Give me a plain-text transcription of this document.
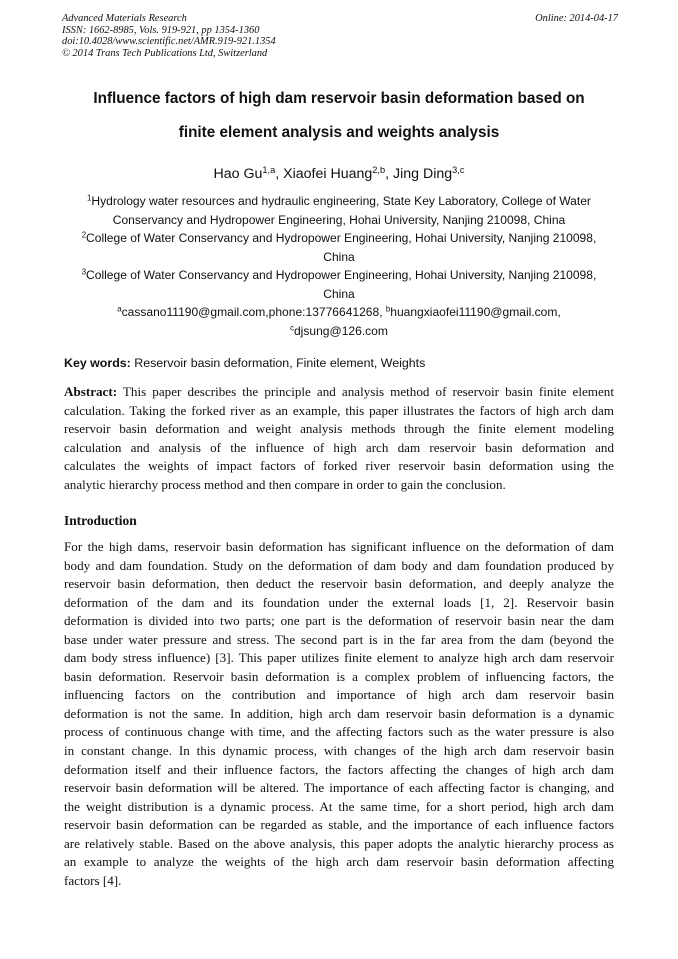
Advanced Materials Research
ISSN: 1662-8985, Vols. 919-921, pp 1354-1360
doi:10.4028/www.scientific.net/AMR.919-921.1354
© 2014 Trans Tech Publications Ltd, Switzerland
Online: 2014-04-17
Influence factors of high dam reservoir basin deformation based on
finite element analysis and weights analysis
Hao Gu$^{1,a}$, Xiaofei Huang$^{2,b}$, Jing Ding$^{3,c}$
$^1$Hydrology water resources and hydraulic engineering, State Key Laboratory, College of Water
Conservancy and Hydropower Engineering, Hohai University, Nanjing 210098, China
$^2$College of Water Conservancy and Hydropower Engineering, Hohai University, Nanjing 210098,
China
$^3$College of Water Conservancy and Hydropower Engineering, Hohai University, Nanjing 210098,
China
$^a$cassano11190@gmail.com,phone:13776641268, $^b$huangxiaofei11190@gmail.com,
$^c$djsung@126.com
Key words: Reservoir basin deformation, Finite element, Weights
Abstract: This paper describes the principle and analysis method of reservoir basin finite element
calculation. Taking the forked river as an example, this paper illustrates the factors of high arch dam
reservoir basin deformation and weight analysis methods through the finite element modeling
calculation and analysis of the influence of high arch dam reservoir basin deformation and
calculates the weights of impact factors of forked river reservoir basin deformation using the
analytic hierarchy process method and then compare in order to gain the conclusion.
Introduction
For the high dams, reservoir basin deformation has significant influence on the deformation of dam
body and dam foundation. Study on the deformation of dam body and dam foundation produced by
reservoir basin deformation, then deduct the reservoir basin deformation, and deeply analyze the
deformation of the dam and its foundation under the external loads [1, 2]. Reservoir basin
deformation is divided into two parts; one part is the deformation of reservoir basin near the dam
base under water pressure and stress. The second part is in the far area from the dam (beyond the
dam body stress influence) [3]. This paper utilizes finite element to analyze high arch dam reservoir
basin deformation. Reservoir basin deformation is a complex problem of influencing factors, the
influencing factors on the contribution and importance of high arch dam reservoir basin
deformation is not the same. In addition, high arch dam reservoir basin deformation is a dynamic
process of continuous change with time, and the affecting factors such as the water pressure is also
in constant change. In this dynamic process, with changes of the high arch dam reservoir basin
deformation itself and their influence factors, the factors affecting the changes of high arch dam
reservoir basin deformation will be altered. The importance of each affecting factor is changing, and
the weight distribution is a dynamic process. At the same time, for a short period, high arch dam
reservoir basin deformation can be regarded as stable, and the importance of each influence factors
are relatively stable. Based on the above analysis, this paper adopts the analytic hierarchy process as
an example to analyze the weights of the high arch dam reservoir basin deformation affecting
factors [4].
